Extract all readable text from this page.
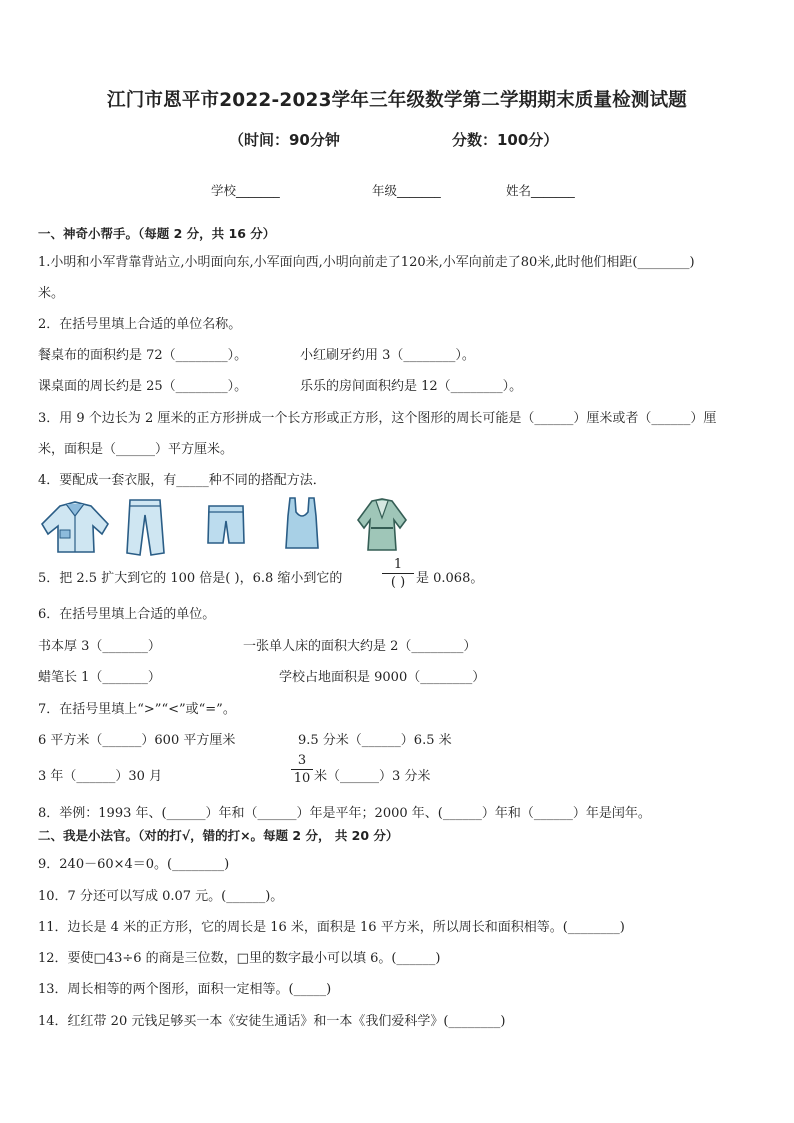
江门市恩平市2022-2023学年三年级数学第二学期期末质量检测试题
（时间：90分钟	分数：100分）
学校_______	年级_______	姓名_______
一、神奇小帮手。（每题 2 分，共 16 分）
1.小明和小军背靠背站立,小明面向东,小军面向西,小明向前走了120米,小军向前走了80米,此时他们相距(________)
米。
2．在括号里填上合适的单位名称。
餐桌布的面积约是 72（________）。	小红刷牙约用 3（________）。
课桌面的周长约是 25（________）。	乐乐的房间面积约是 12（________）。
3．用 9 个边长为 2 厘米的正方形拼成一个长方形或正方形，这个图形的周长可能是（______）厘米或者（______）厘
米，面积是（______）平方厘米。
4．要配成一套衣服，有_____种不同的搭配方法．
5．把 2.5 扩大到它的 100 倍是( )，6.8 缩小到它的
1
( ) 是 0.068。
6．在括号里填上合适的单位。
书本厚 3（_______）	一张单人床的面积大约是 2（________）
蜡笔长 1（_______）	学校占地面积是 9000（________）
7．在括号里填上“>”“<”或“=”。
6 平方米（______）600 平方厘米	9.5 分米（______）6.5 米
3 年（______）30 月
3
10 米（______）3 分米
8．举例：1993 年、(______）年和（______）年是平年；2000 年、(______）年和（______）年是闰年。
二、我是小法官。（对的打√，错的打×。每题 2 分， 共 20 分）
9．240－60×4＝0。(________)
10．7 分还可以写成 0.07 元。(______)。
11．边长是 4 米的正方形，它的周长是 16 米，面积是 16 平方米，所以周长和面积相等。(________)
12．要使□43÷6 的商是三位数，□里的数字最小可以填 6。(______)
13．周长相等的两个图形，面积一定相等。(_____)
14．红红带 20 元钱足够买一本《安徒生通话》和一本《我们爱科学》(________)
